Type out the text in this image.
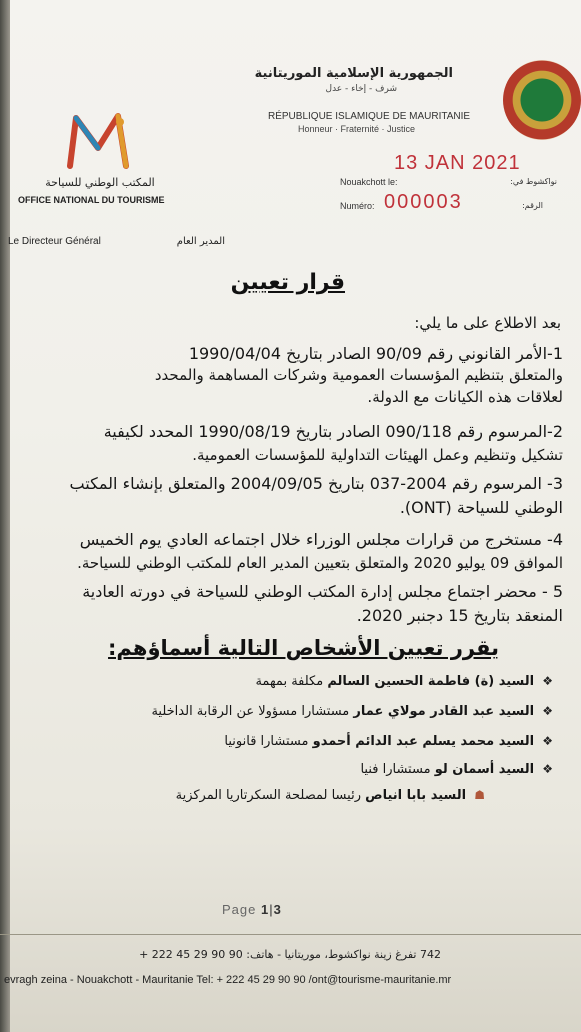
الجمهورية الإسلامية الموريتانية
شرف - إخاء - عدل
RÉPUBLIQUE ISLAMIQUE DE MAURITANIE
Honneur · Fraternité · Justice
المكتب الوطني للسياحة
OFFICE NATIONAL DU TOURISME
13 JAN 2021
Nouakchott le:	نواكشوط في:
Numéro: 000003	الرقم:
Le Directeur Général	المدير العام
قرار تعيين
بعد الاطلاع على ما يلي:
1-الأمر القانوني رقم 90/09 الصادر بتاريخ 1990/04/04
والمتعلق بتنظيم المؤسسات العمومية وشركات المساهمة والمحدد
لعلاقات هذه الكيانات مع الدولة.
2-المرسوم رقم 090/118 الصادر بتاريخ 1990/08/19 المحدد لكيفية
تشكيل وتنظيم وعمل الهيئات التداولية للمؤسسات العمومية.
3- المرسوم رقم 2004-037 بتاريخ 2004/09/05 والمتعلق بإنشاء المكتب
الوطني للسياحة (ONT).
4- مستخرج من قرارات مجلس الوزراء خلال اجتماعه العادي يوم الخميس
الموافق 09 يوليو 2020 والمتعلق بتعيين المدير العام للمكتب الوطني للسياحة.
5 - محضر اجتماع مجلس إدارة المكتب الوطني للسياحة في دورته العادية
المنعقد بتاريخ 15 دجنبر 2020.
يقرر تعيين الأشخاص التالية أسماؤهم:
❖ السيد (ة) فاطمة الحسين السالم مكلفة بمهمة
❖ السيد عبد القادر مولاي عمار مستشارا مسؤولا عن الرقابة الداخلية
❖ السيد محمد يسلم عبد الدائم أحمدو مستشارا قانونيا
❖ السيد أسمان لو مستشارا فنيا
☗ السيد بابا انياص رئيسا لمصلحة السكرتاريا المركزية
Page 1|3
742 تفرغ زينة نواكشوط، موريتانيا - هاتف: 90 90 29 45 222 +
evragh zeina - Nouakchott - Mauritanie Tel: + 222 45 29 90 90 /ont@tourisme-mauritanie.mr
